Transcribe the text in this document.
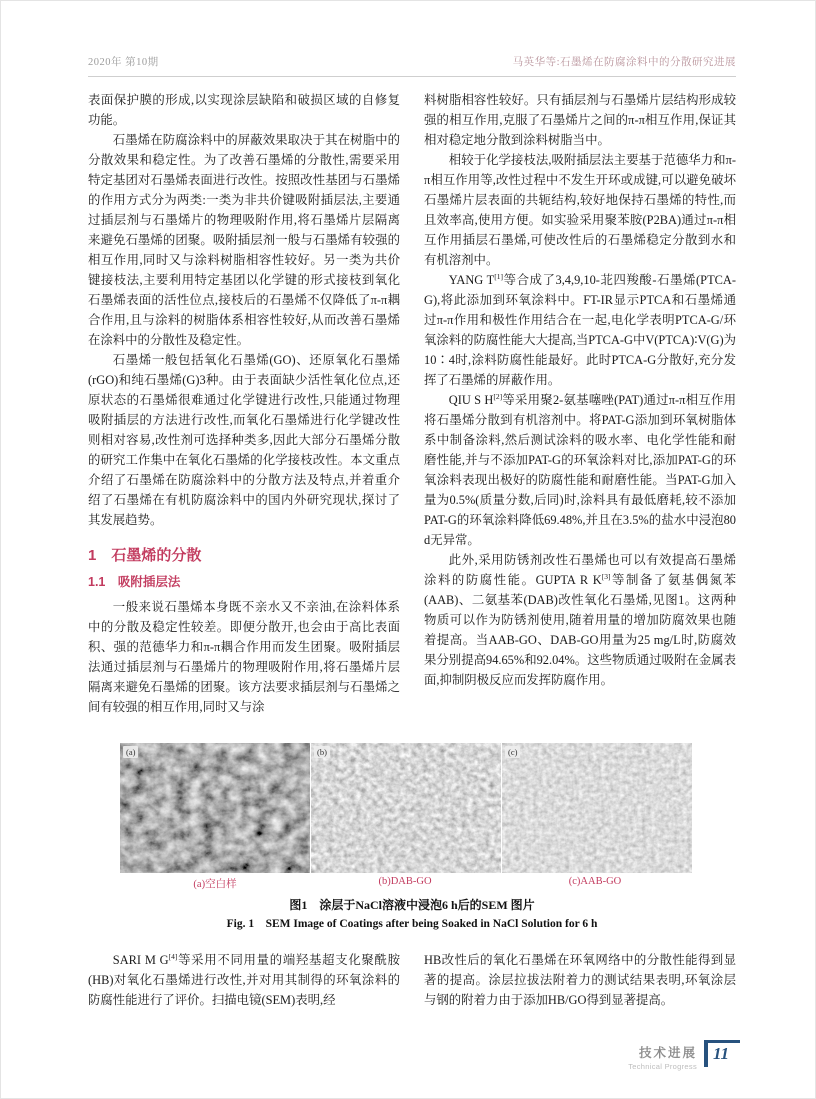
2020年 第10期	马英华等:石墨烯在防腐涂料中的分散研究进展

表面保护膜的形成,以实现涂层缺陷和破损区域的自修复功能。

石墨烯在防腐涂料中的屏蔽效果取决于其在树脂中的分散效果和稳定性。为了改善石墨烯的分散性,需要采用特定基团对石墨烯表面进行改性。按照改性基团与石墨烯的作用方式分为两类:一类为非共价键吸附插层法,主要通过插层剂与石墨烯片的物理吸附作用,将石墨烯片层隔离来避免石墨烯的团聚。吸附插层剂一般与石墨烯有较强的相互作用,同时又与涂料树脂相容性较好。另一类为共价键接枝法,主要利用特定基团以化学键的形式接枝到氧化石墨烯表面的活性位点,接枝后的石墨烯不仅降低了π-π耦合作用,且与涂料的树脂体系相容性较好,从而改善石墨烯在涂料中的分散性及稳定性。

石墨烯一般包括氧化石墨烯(GO)、还原氧化石墨烯(rGO)和纯石墨烯(G)3种。由于表面缺少活性氧化位点,还原状态的石墨烯很难通过化学键进行改性,只能通过物理吸附插层的方法进行改性,而氧化石墨烯进行化学键改性则相对容易,改性剂可选择种类多,因此大部分石墨烯分散的研究工作集中在氧化石墨烯的化学接枝改性。本文重点介绍了石墨烯在防腐涂料中的分散方法及特点,并着重介绍了石墨烯在有机防腐涂料中的国内外研究现状,探讨了其发展趋势。

1　石墨烯的分散
1.1　吸附插层法

一般来说石墨烯本身既不亲水又不亲油,在涂料体系中的分散及稳定性较差。即便分散开,也会由于高比表面积、强的范德华力和π-π耦合作用而发生团聚。吸附插层法通过插层剂与石墨烯片的物理吸附作用,将石墨烯片层隔离来避免石墨烯的团聚。该方法要求插层剂与石墨烯之间有较强的相互作用,同时又与涂

料树脂相容性较好。只有插层剂与石墨烯片层结构形成较强的相互作用,克服了石墨烯片之间的π-π相互作用,保证其相对稳定地分散到涂料树脂当中。

相较于化学接枝法,吸附插层法主要基于范德华力和π-π相互作用等,改性过程中不发生开环或成键,可以避免破坏石墨烯片层表面的共轭结构,较好地保持石墨烯的特性,而且效率高,使用方便。如实验采用聚苯胺(P2BA)通过π-π相互作用插层石墨烯,可使改性后的石墨烯稳定分散到水和有机溶剂中。

YANG T[1]等合成了3,4,9,10-苝四羧酸-石墨烯(PTCA-G),将此添加到环氧涂料中。FT-IR显示PTCA和石墨烯通过π-π作用和极性作用结合在一起,电化学表明PTCA-G/环氧涂料的防腐性能大大提高,当PTCA-G中V(PTCA)∶V(G)为 10∶4时,涂料防腐性能最好。此时PTCA-G分散好,充分发挥了石墨烯的屏蔽作用。

QIU S H[2]等采用聚2-氨基噻唑(PAT)通过π-π相互作用将石墨烯分散到有机溶剂中。将PAT-G添加到环氧树脂体系中制备涂料,然后测试涂料的吸水率、电化学性能和耐磨性能,并与不添加PAT-G的环氧涂料对比,添加PAT-G的环氧涂料表现出极好的防腐性能和耐磨性能。当PAT-G加入量为0.5%(质量分数,后同)时,涂料具有最低磨耗,较不添加PAT-G的环氧涂料降低69.48%,并且在3.5%的盐水中浸泡80 d无异常。

此外,采用防锈剂改性石墨烯也可以有效提高石墨烯涂料的防腐性能。GUPTA R K[3]等制备了氨基偶氮苯(AAB)、二氨基苯(DAB)改性氧化石墨烯,见图1。这两种物质可以作为防锈剂使用,随着用量的增加防腐效果也随着提高。当AAB-GO、DAB-GO用量为25 mg/L时,防腐效果分别提高94.65%和92.04%。这些物质通过吸附在金属表面,抑制阴极反应而发挥防腐作用。

(a)	(b)	(c)
(a)空白样	(b)DAB-GO	(c)AAB-GO
图1　涂层于NaCl溶液中浸泡6 h后的SEM 图片
Fig. 1　SEM Image of Coatings after being Soaked in NaCl Solution for 6 h

SARI M G[4]等采用不同用量的端羟基超支化聚酰胺(HB)对氧化石墨烯进行改性,并对用其制得的环氧涂料的防腐性能进行了评价。扫描电镜(SEM)表明,经

HB改性后的氧化石墨烯在环氧网络中的分散性能得到显著的提高。涂层拉拔法附着力的测试结果表明,环氧涂层与钢的附着力由于添加HB/GO得到显著提高。

技术进展
Technical Progress
11
